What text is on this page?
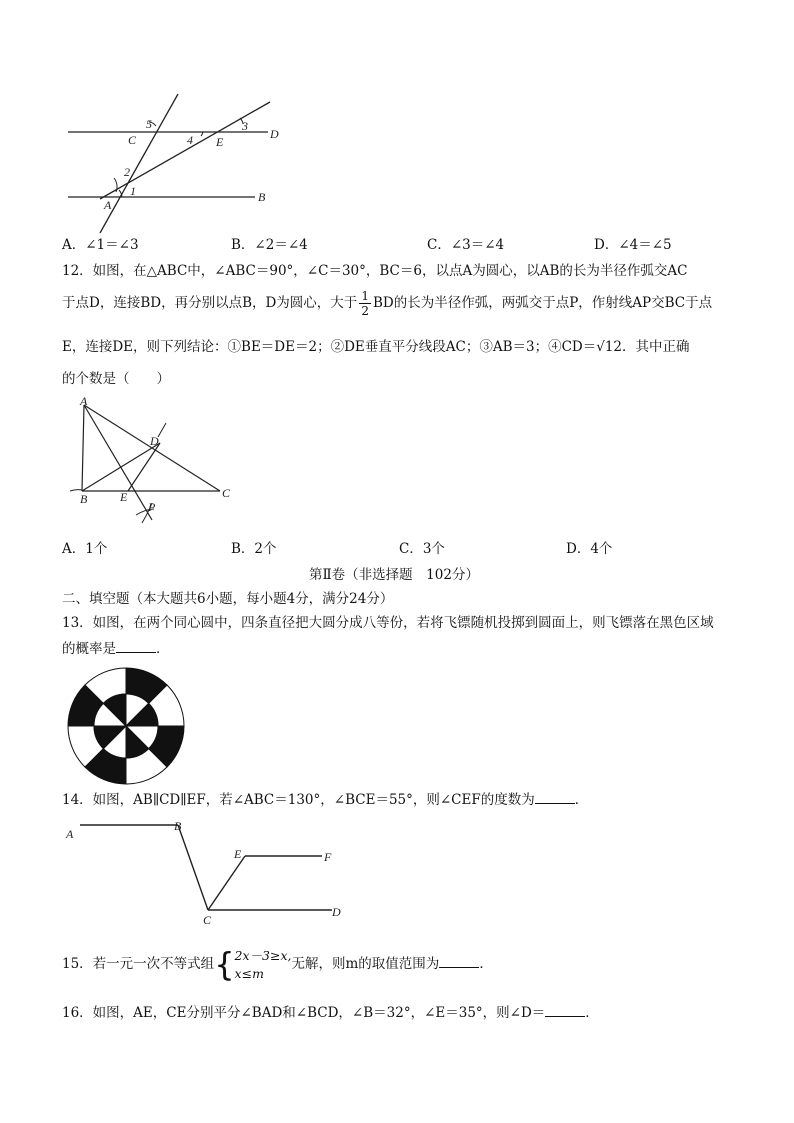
C	E
D
A
B
1
2
3
4
5
A．∠1＝∠3	B．∠2＝∠4	C．∠3＝∠4	D．∠4＝∠5
12．如图，在△ABC中，∠ABC＝90°，∠C＝30°，BC＝6，以点A为圆心，以AB的长为半径作弧交AC
于点D，连接BD，再分别以点B，D为圆心，大于 $\frac{1}{2}$ BD的长为半径作弧，两弧交于点P，作射线AP交BC于点
E，连接DE，则下列结论：①BE＝DE＝2；②DE垂直平分线段AC；③AB＝3；④CD＝√12．其中正确
的个数是（　　）
A
B	C
D
E
P
A．1个	B．2个	C．3个	D．4个
第Ⅱ卷（非选择题　102分）
二、填空题（本大题共6小题，每小题4分，满分24分）
13．如图，在两个同心圆中，四条直径把大圆分成八等份，若将飞镖随机投掷到圆面上，则飞镖落在黑色区域
的概率是	．
14．如图，AB∥CD∥EF，若∠ABC＝130°，∠BCE＝55°，则∠CEF的度数为	．
A
B
C
D
E	F
15．若一元一次不等式组{ 2x－3≥x,
x≤m
无解，则m的取值范围为	．
16．如图，AE，CE分别平分∠BAD和∠BCD，∠B＝32°，∠E＝35°，则∠D＝	．
